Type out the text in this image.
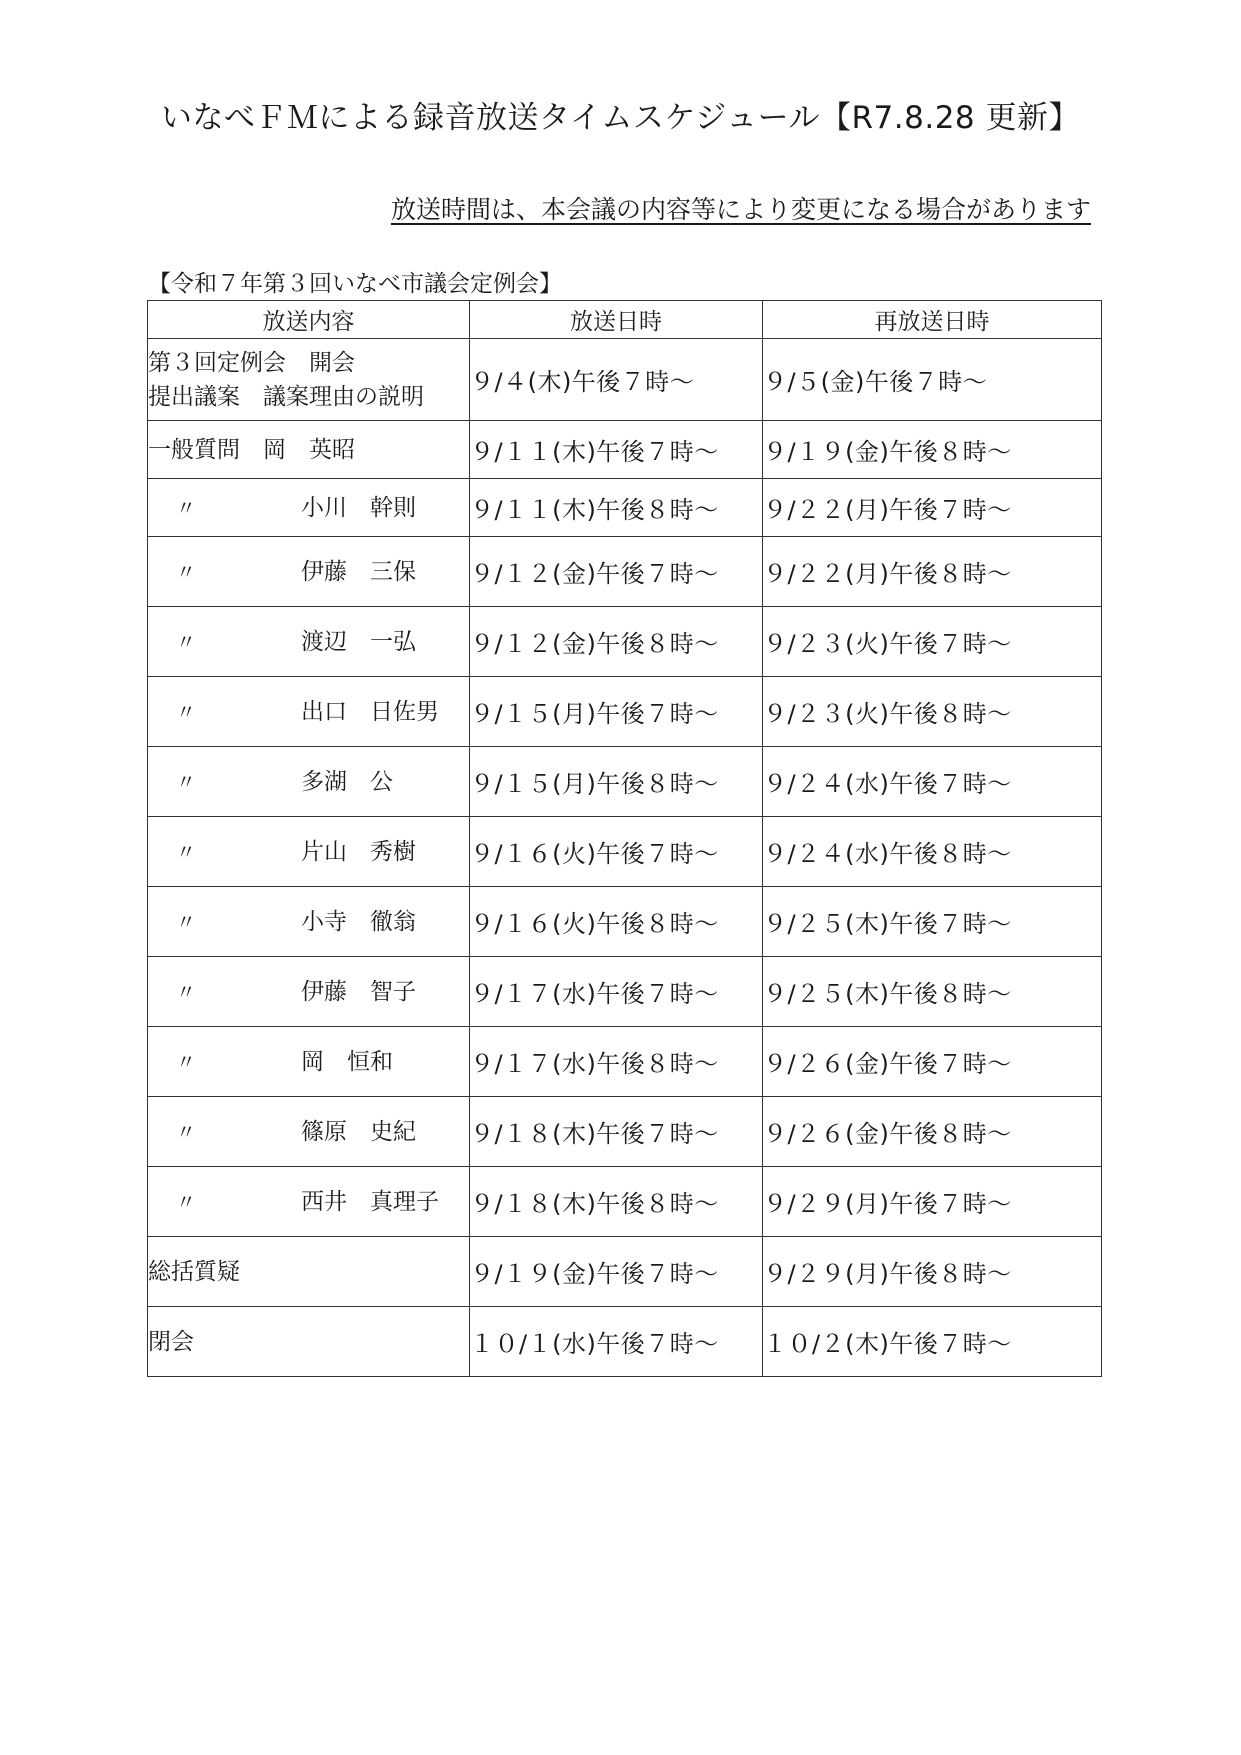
いなべＦＭによる録音放送タイムスケジュール【R7.8.28 更新】
放送時間は、本会議の内容等により変更になる場合があります
【令和７年第３回いなべ市議会定例会】
放送内容	放送日時	再放送日時

第３回定例会　開会
提出議案　議案理由の説明	９/４(木)午後７時～	９/５(金)午後７時～
一般質問　岡　英昭	９/１１(木)午後７時～	９/１９(金)午後８時～
〃 小川　幹則	９/１１(木)午後８時～	９/２２(月)午後７時～
〃 伊藤　三保	９/１２(金)午後７時～	９/２２(月)午後８時～
〃 渡辺　一弘	９/１２(金)午後８時～	９/２３(火)午後７時～
〃 出口　日佐男	９/１５(月)午後７時～	９/２３(火)午後８時～
〃 多湖　公	９/１５(月)午後８時～	９/２４(水)午後７時～
〃 片山　秀樹	９/１６(火)午後７時～	９/２４(水)午後８時～
〃 小寺　徹翁	９/１６(火)午後８時～	９/２５(木)午後７時～
〃 伊藤　智子	９/１７(水)午後７時～	９/２５(木)午後８時～
〃 岡　恒和	９/１７(水)午後８時～	９/２６(金)午後７時～
〃 篠原　史紀	９/１８(木)午後７時～	９/２６(金)午後８時～
〃 西井　真理子	９/１８(木)午後８時～	９/２９(月)午後７時～
総括質疑	９/１９(金)午後７時～	９/２９(月)午後８時～
閉会	１０/１(水)午後７時～	１０/２(木)午後７時～
